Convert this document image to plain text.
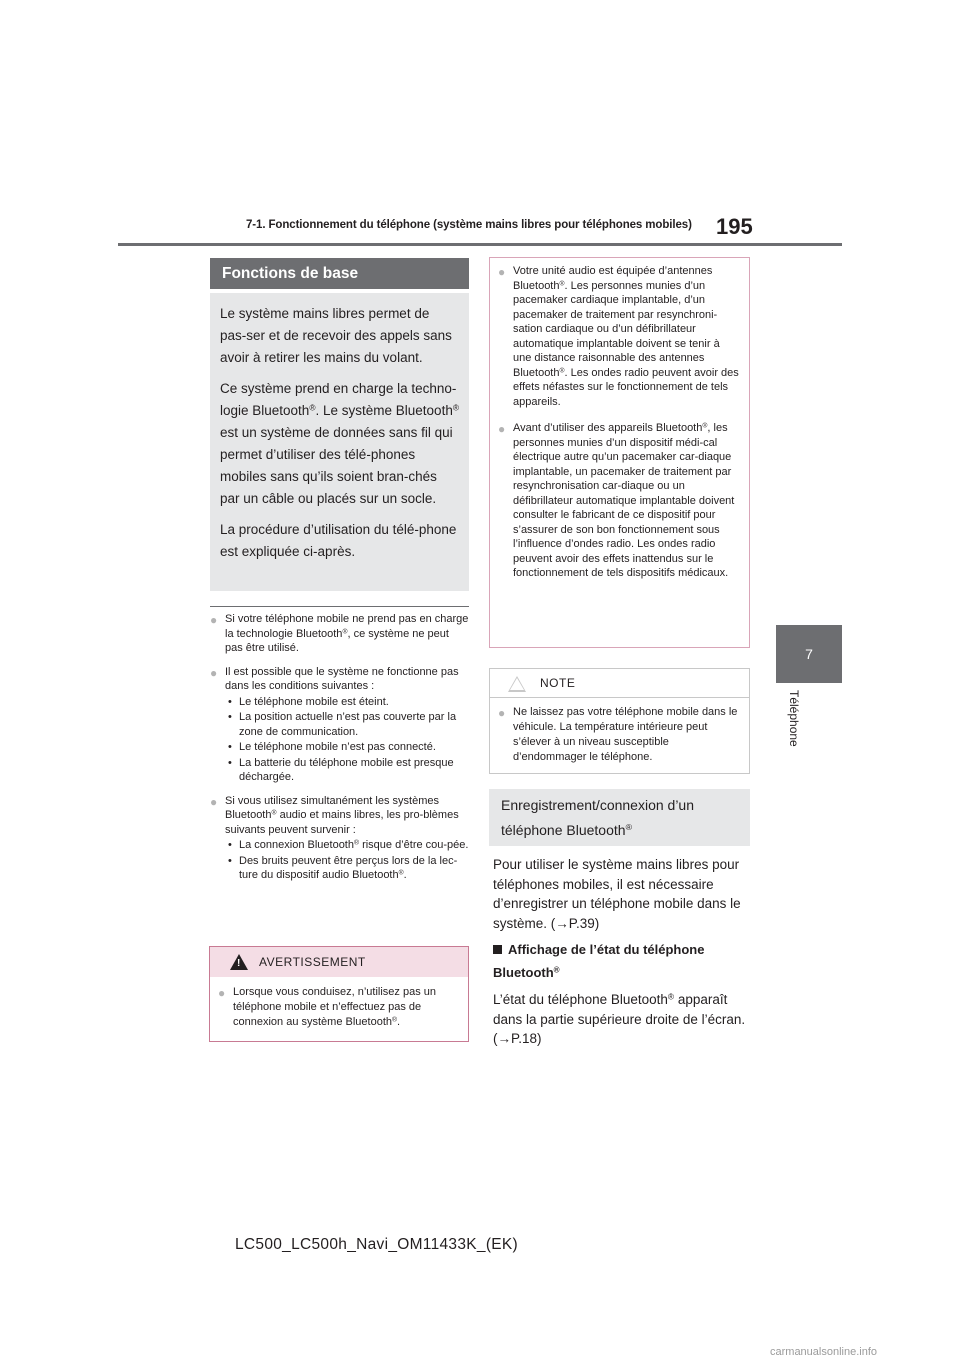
7-1. Fonctionnement du téléphone (système mains libres pour téléphones mobiles) 195
7
Téléphone
Fonctions de base

Le système mains libres permet de pas-ser et de recevoir des appels sans avoir à retirer les mains du volant.

Ce système prend en charge la techno-logie Bluetooth®. Le système Bluetooth® est un système de données sans fil qui permet d’utiliser des télé-phones mobiles sans qu’ils soient bran-chés par un câble ou placés sur un socle.

La procédure d’utilisation du télé-phone est expliquée ci-après.

● Si votre téléphone mobile ne prend pas en charge la technologie Bluetooth®, ce système ne peut pas être utilisé.
● Il est possible que le système ne fonctionne pas dans les conditions suivantes :
• Le téléphone mobile est éteint.
• La position actuelle n’est pas couverte par la zone de communication.
• Le téléphone mobile n’est pas connecté.
• La batterie du téléphone mobile est presque déchargée.
● Si vous utilisez simultanément les systèmes Bluetooth® audio et mains libres, les pro-blèmes suivants peuvent survenir :
• La connexion Bluetooth® risque d’être cou-pée.
• Des bruits peuvent être perçus lors de la lec-ture du dispositif audio Bluetooth®.
! AVERTISSEMENT
● Lorsque vous conduisez, n’utilisez pas un téléphone mobile et n’effectuez pas de connexion au système Bluetooth®.
● Votre unité audio est équipée d’antennes Bluetooth®. Les personnes munies d’un pacemaker cardiaque implantable, d’un pacemaker de traitement par resynchroni-sation cardiaque ou d’un défibrillateur automatique implantable doivent se tenir à une distance raisonnable des antennes Bluetooth®. Les ondes radio peuvent avoir des effets néfastes sur le fonctionnement de tels appareils.
● Avant d’utiliser des appareils Bluetooth®, les personnes munies d’un dispositif médi-cal électrique autre qu’un pacemaker car-diaque implantable, un pacemaker de traitement par resynchronisation car-diaque ou un défibrillateur automatique implantable doivent consulter le fabricant de ce dispositif pour s’assurer de son bon fonctionnement sous l’influence d’ondes radio. Les ondes radio peuvent avoir des effets inattendus sur le fonctionnement de tels dispositifs médicaux.
NOTE
● Ne laissez pas votre téléphone mobile dans le véhicule. La température intérieure peut s’élever à un niveau susceptible d’endommager le téléphone.
Enregistrement/connexion d’un téléphone Bluetooth®
Pour utiliser le système mains libres pour téléphones mobiles, il est nécessaire d’enregistrer un téléphone mobile dans le système. (→P.39)
Affichage de l’état du téléphone Bluetooth®
L’état du téléphone Bluetooth® apparaît dans la partie supérieure droite de l’écran. (→P.18)
LC500_LC500h_Navi_OM11433K_(EK)
carmanualsonline.info
